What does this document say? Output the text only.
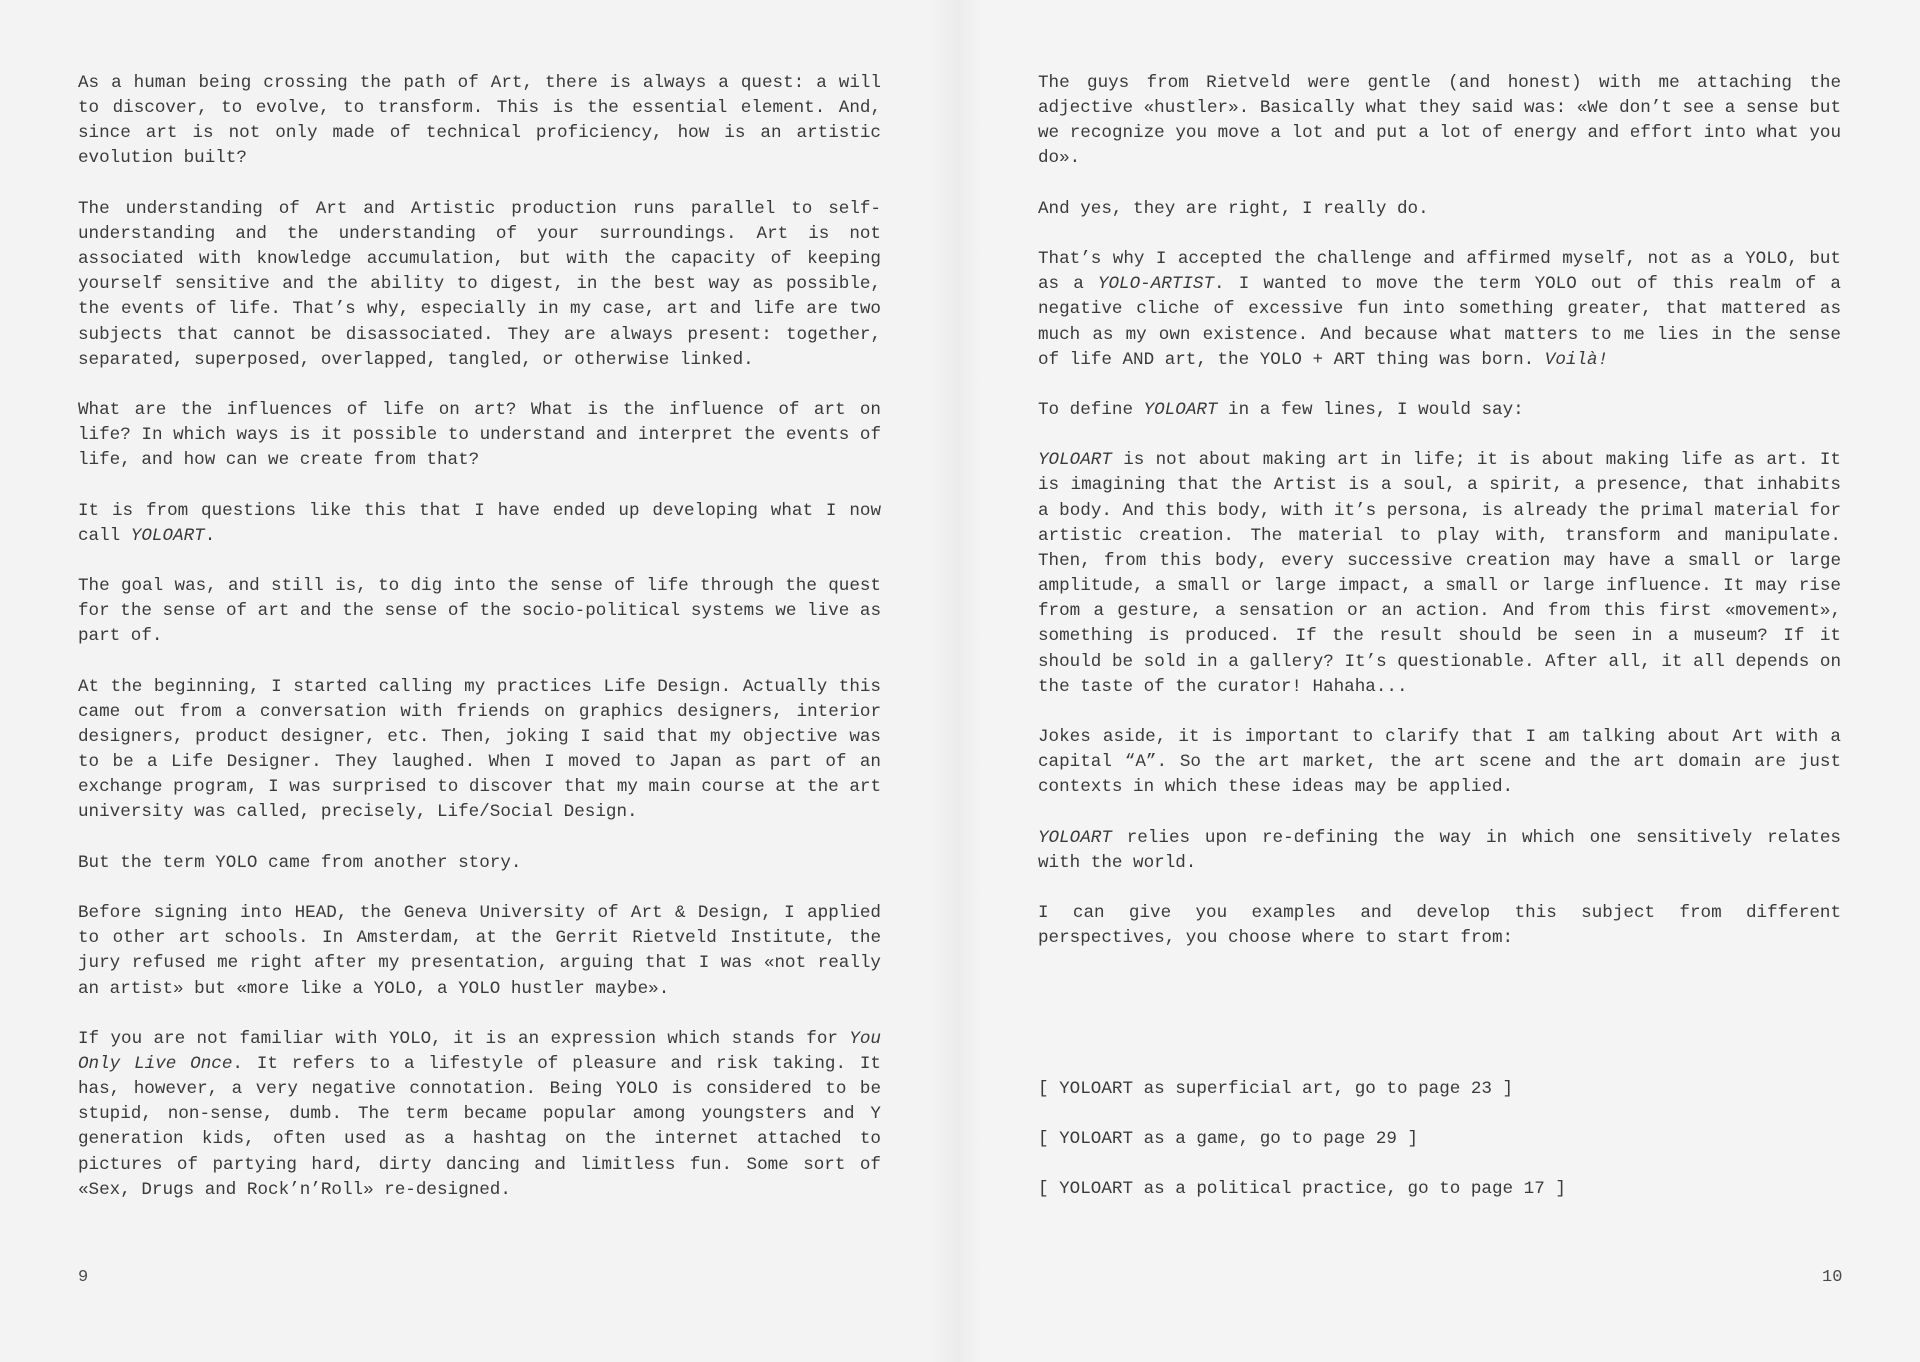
As a human being crossing the path of Art, there is always a quest: a will to discover, to evolve, to transform. This is the essential element. And, since art is not only made of technical proficiency, how is an artistic evolution built?

The understanding of Art and Artistic production runs parallel to self-understanding and the understanding of your surroundings. Art is not associated with knowledge accumulation, but with the capacity of keeping yourself sensitive and the ability to digest, in the best way as possible, the events of life. That’s why, especially in my case, art and life are two subjects that cannot be disassociated. They are always present: together, separated, superposed, overlapped, tangled, or otherwise linked.

What are the influences of life on art? What is the influence of art on life? In which ways is it possible to understand and interpret the events of life, and how can we create from that?

It is from questions like this that I have ended up developing what I now call YOLOART.

The goal was, and still is, to dig into the sense of life through the quest for the sense of art and the sense of the socio-political systems we live as part of.

At the beginning, I started calling my practices Life Design. Actually this came out from a conversation with friends on graphics designers, interior designers, product designer, etc. Then, joking I said that my objective was to be a Life Designer. They laughed. When I moved to Japan as part of an exchange program, I was surprised to discover that my main course at the art university was called, precisely, Life/Social Design.

But the term YOLO came from another story.

Before signing into HEAD, the Geneva University of Art & Design, I applied to other art schools. In Amsterdam, at the Gerrit Rietveld Institute, the jury refused me right after my presentation, arguing that I was «not really an artist» but «more like a YOLO, a YOLO hustler maybe».

If you are not familiar with YOLO, it is an expression which stands for You Only Live Once. It refers to a lifestyle of pleasure and risk taking. It has, however, a very negative connotation. Being YOLO is considered to be stupid, non-sense, dumb. The term became popular among youngsters and Y generation kids, often used as a hashtag on the internet attached to pictures of partying hard, dirty dancing and limitless fun. Some sort of «Sex, Drugs and Rock’n’Roll» re-designed.

The guys from Rietveld were gentle (and honest) with me attaching the adjective «hustler». Basically what they said was: «We don’t see a sense but we recognize you move a lot and put a lot of energy and effort into what you do».

And yes, they are right, I really do.

That’s why I accepted the challenge and affirmed myself, not as a YOLO, but as a YOLO-ARTIST. I wanted to move the term YOLO out of this realm of a negative cliche of excessive fun into something greater, that mattered as much as my own existence. And because what matters to me lies in the sense of life AND art, the YOLO + ART thing was born. Voilà!

To define YOLOART in a few lines, I would say:

YOLOART is not about making art in life; it is about making life as art. It is imagining that the Artist is a soul, a spirit, a presence, that inhabits a body. And this body, with it’s persona, is already the primal material for artistic creation. The material to play with, transform and manipulate. Then, from this body, every successive creation may have a small or large amplitude, a small or large impact, a small or large influence. It may rise from a gesture, a sensation or an action. And from this first «movement», something is produced. If the result should be seen in a museum? If it should be sold in a gallery? It’s questionable. After all, it all depends on the taste of the curator! Hahaha...

Jokes aside, it is important to clarify that I am talking about Art with a capital “A”. So the art market, the art scene and the art domain are just contexts in which these ideas may be applied.

YOLOART relies upon re-defining the way in which one sensitively relates with the world.

I can give you examples and develop this subject from different perspectives, you choose where to start from:

[ YOLOART as superficial art, go to page 23 ]

[ YOLOART as a game, go to page 29 ]

[ YOLOART as a political practice, go to page 17 ]

9	10
